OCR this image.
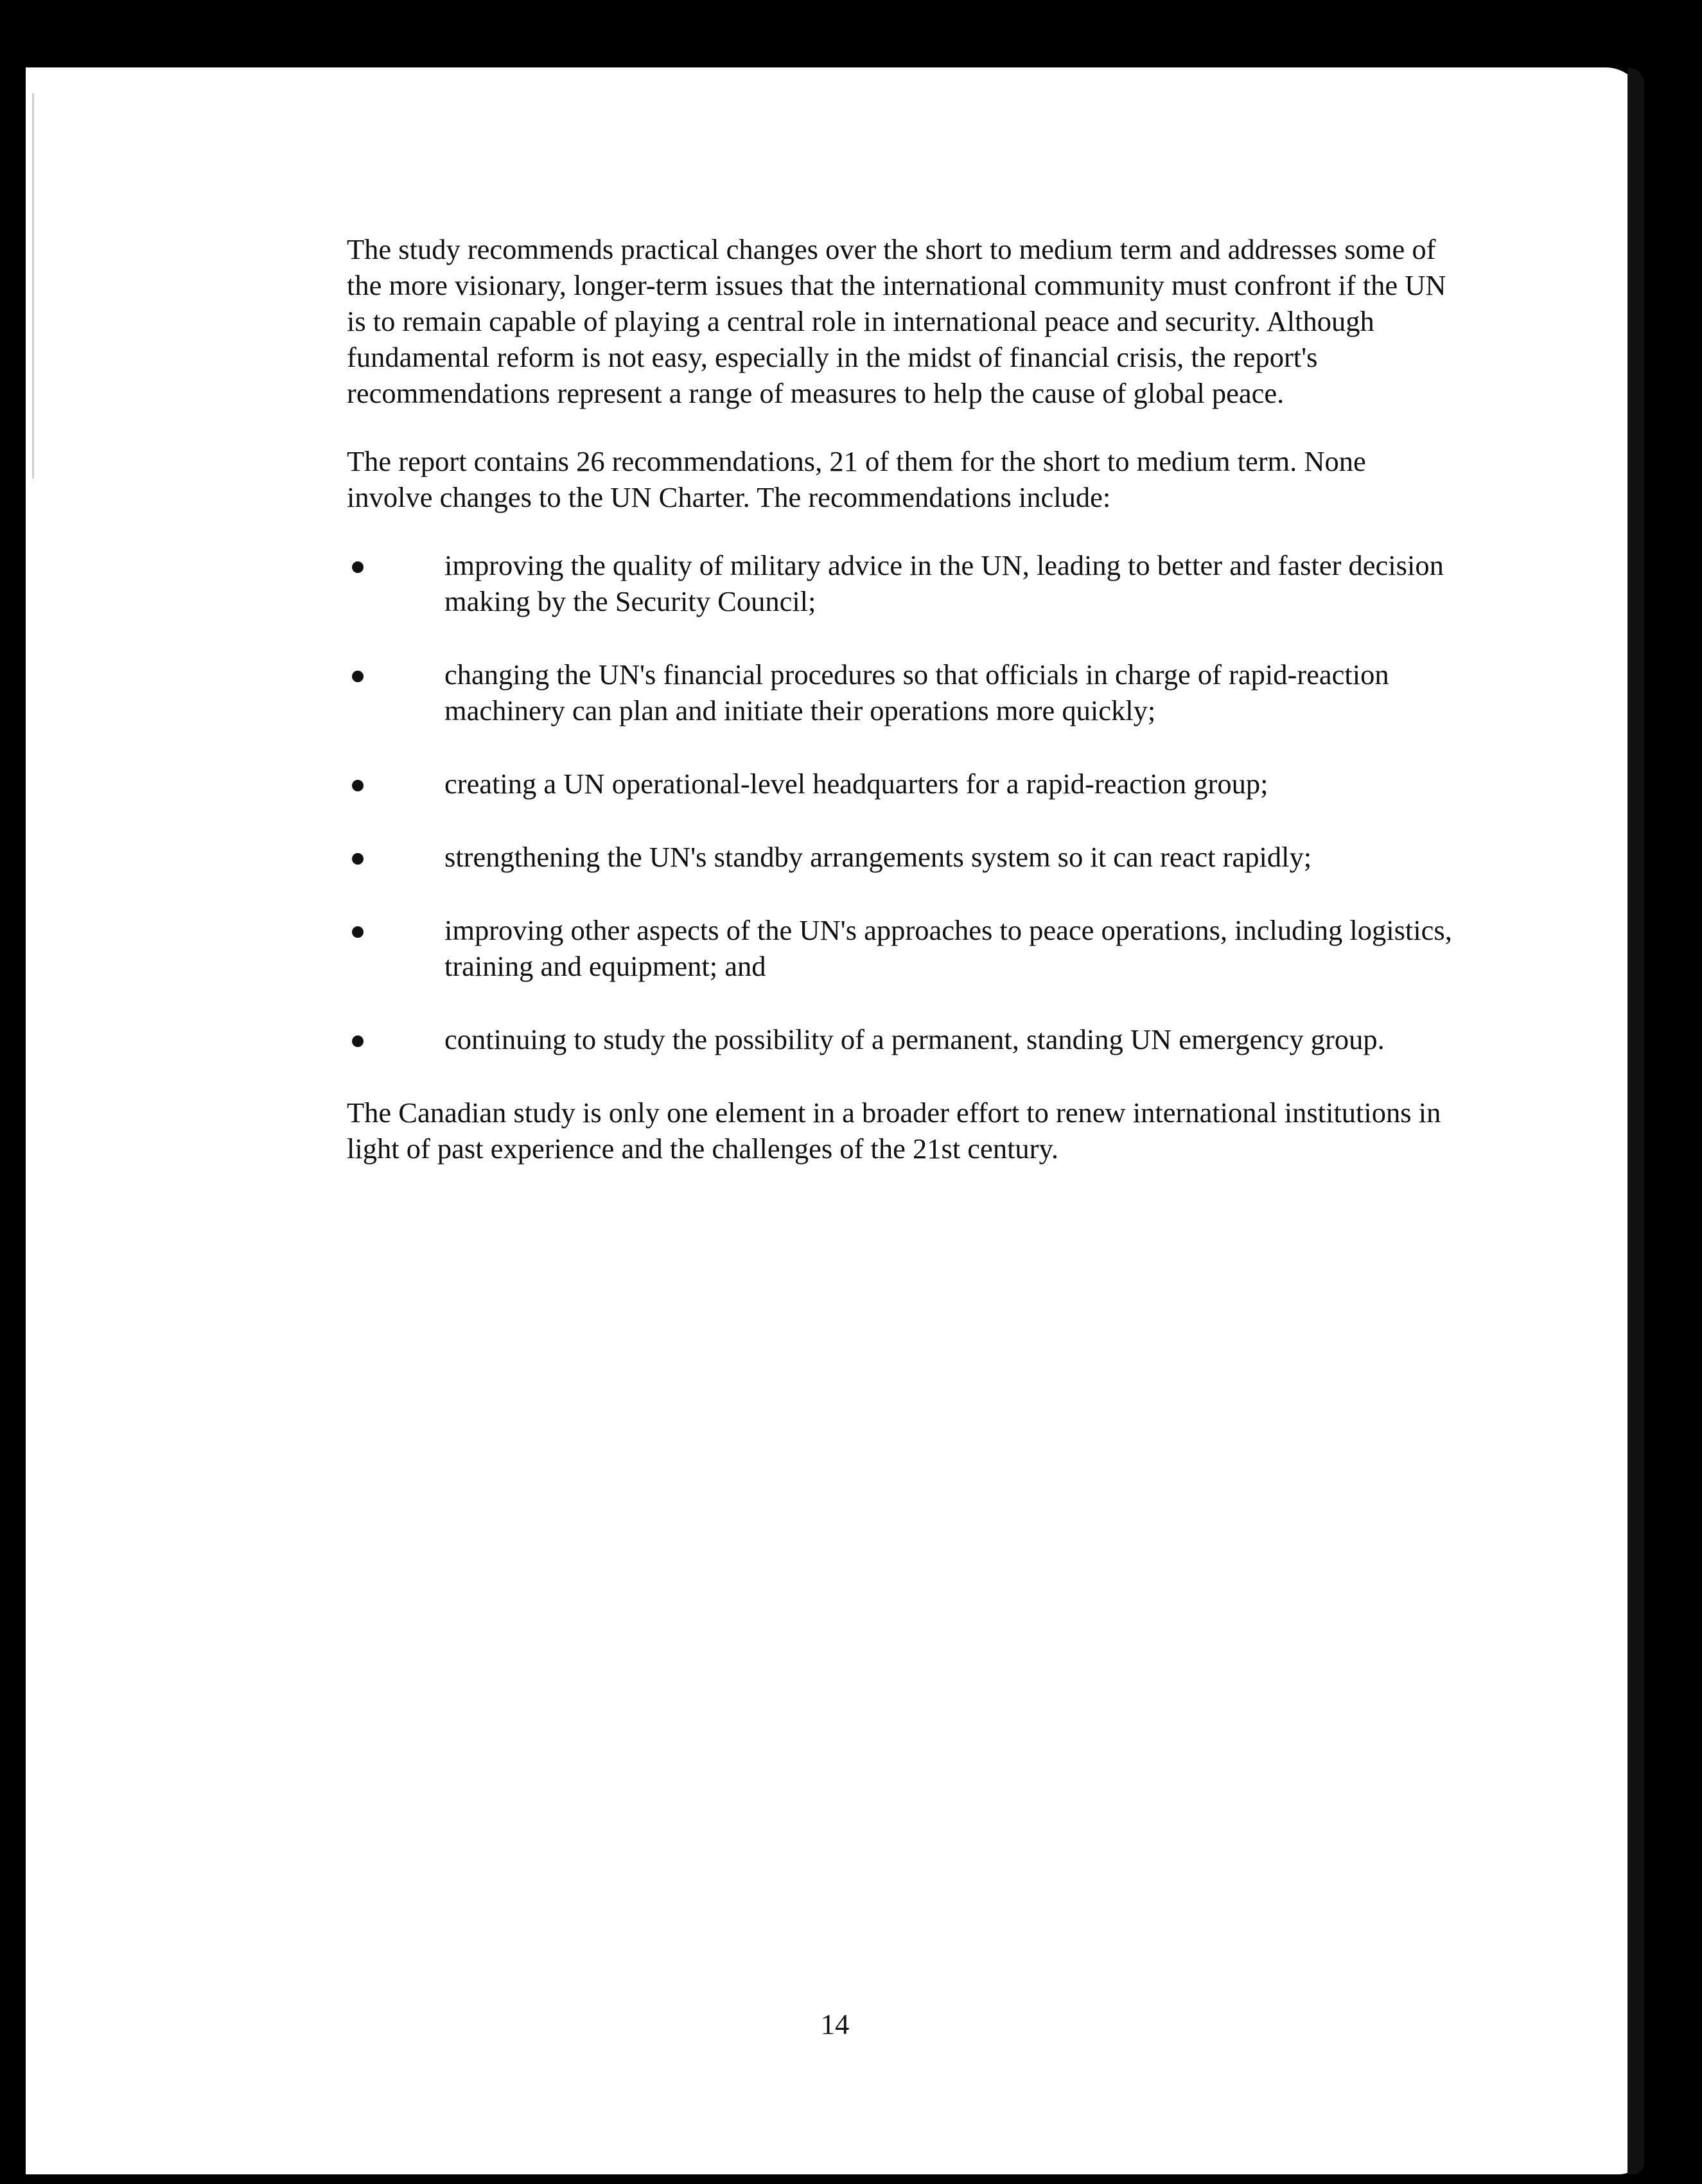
The study recommends practical changes over the short to medium term and addresses some of the more visionary, longer-term issues that the international community must confront if the UN is to remain capable of playing a central role in international peace and security. Although fundamental reform is not easy, especially in the midst of financial crisis, the report's recommendations represent a range of measures to help the cause of global peace.

The report contains 26 recommendations, 21 of them for the short to medium term. None involve changes to the UN Charter. The recommendations include:

improving the quality of military advice in the UN, leading to better and faster decision making by the Security Council;
changing the UN's financial procedures so that officials in charge of rapid-reaction machinery can plan and initiate their operations more quickly;
creating a UN operational-level headquarters for a rapid-reaction group;
strengthening the UN's standby arrangements system so it can react rapidly;
improving other aspects of the UN's approaches to peace operations, including logistics, training and equipment; and
continuing to study the possibility of a permanent, standing UN emergency group.

The Canadian study is only one element in a broader effort to renew international institutions in light of past experience and the challenges of the 21st century.

14
